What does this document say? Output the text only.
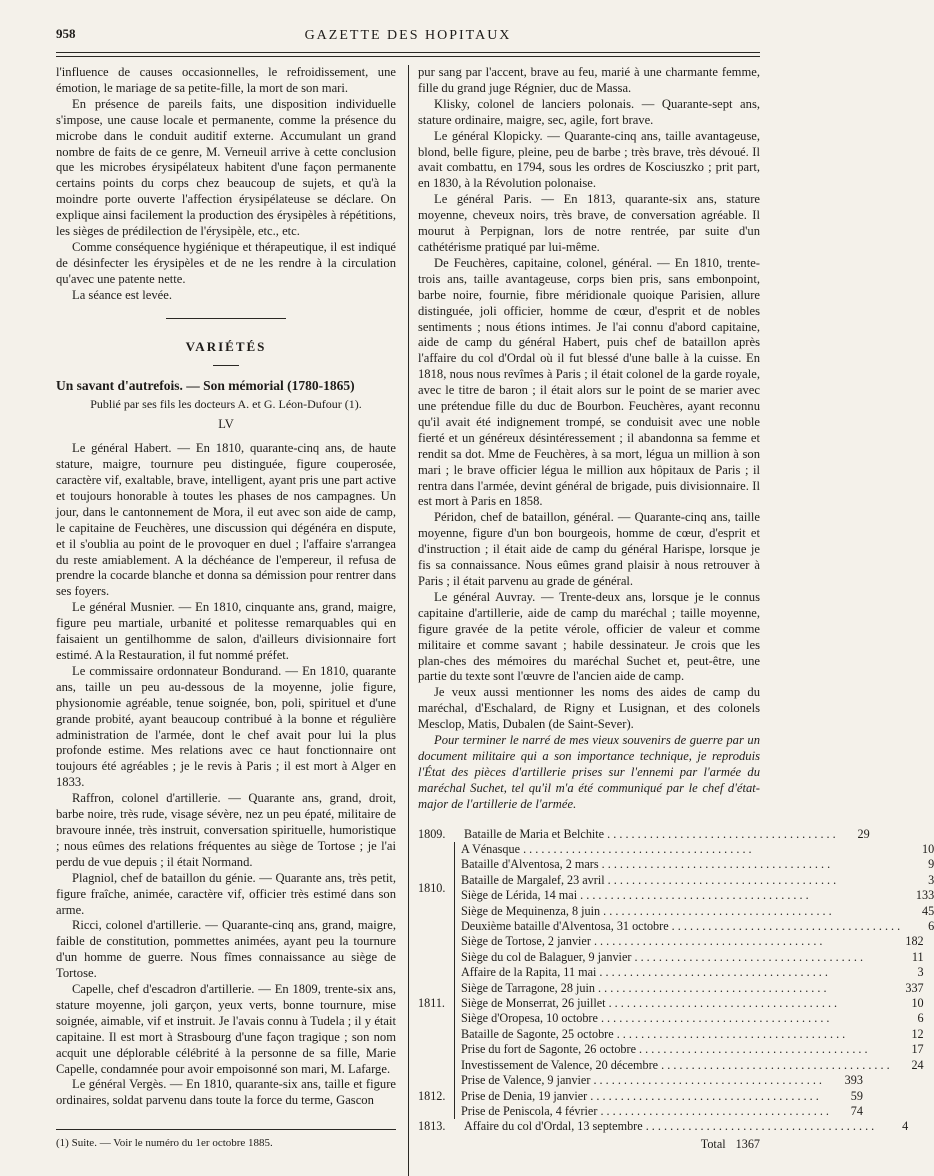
958	GAZETTE DES HOPITAUX

l'influence de causes occasionnelles, le refroidissement, une émotion, le mariage de sa petite-fille, la mort de son mari.

En présence de pareils faits, une disposition individuelle s'impose, une cause locale et permanente, comme la présence du microbe dans le conduit auditif externe. Accumulant un grand nombre de faits de ce genre, M. Verneuil arrive à cette conclusion que les microbes érysipélateux habitent d'une façon permanente certains points du corps chez beaucoup de sujets, et qu'à la moindre porte ouverte l'affection érysipélateuse se déclare. On explique ainsi facilement la production des érysipèles à répétitions, les sièges de prédilection de l'érysipèle, etc., etc.

Comme conséquence hygiénique et thérapeutique, il est indiqué de désinfecter les érysipèles et de ne les rendre à la circulation qu'avec une patente nette.

La séance est levée.

VARIÉTÉS
Un savant d'autrefois. — Son mémorial (1780-1865)
Publié par ses fils les docteurs A. et G. Léon-Dufour (1).
LV

Le général Habert. — En 1810, quarante-cinq ans, de haute stature, maigre, tournure peu distinguée, figure couperosée, caractère vif, exaltable, brave, intelligent, ayant pris une part active et toujours honorable à toutes les phases de nos campagnes. Un jour, dans le cantonnement de Mora, il eut avec son aide de camp, le capitaine de Feuchères, une discussion qui dégénéra en dispute, et il s'oublia au point de le provoquer en duel ; l'affaire s'arrangea du reste amiablement. A la déchéance de l'empereur, il refusa de prendre la cocarde blanche et donna sa démission pour rentrer dans ses foyers.

Le général Musnier. — En 1810, cinquante ans, grand, maigre, figure peu martiale, urbanité et politesse remarquables qui en faisaient un gentilhomme de salon, d'ailleurs divisionnaire fort estimé. A la Restauration, il fut nommé préfet.

Le commissaire ordonnateur Bondurand. — En 1810, quarante ans, taille un peu au-dessous de la moyenne, jolie figure, physionomie agréable, tenue soignée, bon, poli, spirituel et d'une grande probité, ayant beaucoup contribué à la bonne et régulière administration de l'armée, dont le chef avait pour lui la plus profonde estime. Mes relations avec ce haut fonctionnaire ont toujours été agréables ; je le revis à Paris ; il est mort à Alger en 1833.

Raffron, colonel d'artillerie. — Quarante ans, grand, droit, barbe noire, très rude, visage sévère, nez un peu épaté, militaire de bravoure innée, très instruit, conversation spirituelle, humoristique ; nous eûmes des relations fréquentes au siège de Tortose ; je l'ai perdu de vue depuis ; il était Normand.

Plagniol, chef de bataillon du génie. — Quarante ans, très petit, figure fraîche, animée, caractère vif, officier très estimé dans son arme.

Ricci, colonel d'artillerie. — Quarante-cinq ans, grand, maigre, faible de constitution, pommettes animées, ayant peu la tournure d'un homme de guerre. Nous fîmes connaissance au siège de Tortose.

Capelle, chef d'escadron d'artillerie. — En 1809, trente-six ans, stature moyenne, joli garçon, yeux verts, bonne tournure, mise soignée, aimable, vif et instruit. Je l'avais connu à Tudela ; il y était capitaine. Il est mort à Strasbourg d'une façon tragique ; son nom acquit une déplorable célébrité à la personne de sa fille, Marie Capelle, condamnée pour avoir empoisonné son mari, M. Lafarge.

Le général Vergès. — En 1810, quarante-six ans, taille et figure ordinaires, soldat parvenu dans toute la force du terme, Gascon

(1) Suite. — Voir le numéro du 1er octobre 1885.

pur sang par l'accent, brave au feu, marié à une charmante femme, fille du grand juge Régnier, duc de Massa.

Klisky, colonel de lanciers polonais. — Quarante-sept ans, stature ordinaire, maigre, sec, agile, fort brave.

Le général Klopicky. — Quarante-cinq ans, taille avantageuse, blond, belle figure, pleine, peu de barbe ; très brave, très dévoué. Il avait combattu, en 1794, sous les ordres de Kosciuszko ; prit part, en 1830, à la Révolution polonaise.

Le général Paris. — En 1813, quarante-six ans, stature moyenne, cheveux noirs, très brave, de conversation agréable. Il mourut à Perpignan, lors de notre rentrée, par suite d'un cathétérisme pratiqué par lui-même.

De Feuchères, capitaine, colonel, général. — En 1810, trente-trois ans, taille avantageuse, corps bien pris, sans embonpoint, barbe noire, fournie, fibre méridionale quoique Parisien, allure distinguée, joli officier, homme de cœur, d'esprit et de nobles sentiments ; nous étions intimes. Je l'ai connu d'abord capitaine, aide de camp du général Habert, puis chef de bataillon après l'affaire du col d'Ordal où il fut blessé d'une balle à la cuisse. En 1818, nous nous revîmes à Paris ; il était colonel de la garde royale, avec le titre de baron ; il était alors sur le point de se marier avec une prétendue fille du duc de Bourbon. Feuchères, ayant reconnu qu'il avait été indignement trompé, se conduisit avec une noble fierté et un généreux désintéressement ; il abandonna sa femme et rendit sa dot. Mme de Feuchères, à sa mort, légua un million à son mari ; le brave officier légua le million aux hôpitaux de Paris ; il rentra dans l'armée, devint général de brigade, puis divisionnaire. Il est mort à Paris en 1858.

Péridon, chef de bataillon, général. — Quarante-cinq ans, taille moyenne, figure d'un bon bourgeois, homme de cœur, d'esprit et d'instruction ; il était aide de camp du général Harispe, lorsque je fis sa connaissance. Nous eûmes grand plaisir à nous retrouver à Paris ; il était parvenu au grade de général.

Le général Auvray. — Trente-deux ans, lorsque je le connus capitaine d'artillerie, aide de camp du maréchal ; taille moyenne, figure gravée de la petite vérole, officier de valeur et comme militaire et comme savant ; habile dessinateur. Je crois que les plan-ches des mémoires du maréchal Suchet et, peut-être, une partie du texte sont l'œuvre de l'ancien aide de camp.

Je veux aussi mentionner les noms des aides de camp du maréchal, d'Eschalard, de Rigny et Lusignan, et des colonels Mesclop, Matis, Dubalen (de Saint-Sever).

Pour terminer le narré de mes vieux souvenirs de guerre par un document militaire qui a son importance technique, je reproduis l'État des pièces d'artillerie prises sur l'ennemi par l'armée du maréchal Suchet, tel qu'il m'a été communiqué par le chef d'état-major de l'artillerie de l'armée.

1809.	Bataille de Maria et Belchite . . .	29
1810.
A Vénasque . . .	10
Bataille d'Alventosa, 2 mars . . .	9
Bataille de Margalef, 23 avril . . .	3
Siège de Lérida, 14 mai . . .	133
Siège de Mequinenza, 8 juin . . .	45
Deuxième bataille d'Alventosa, 31 octobre . . .	6
1811.
Siège de Tortose, 2 janvier . . .	182
Siège du col de Balaguer, 9 janvier . . .	11
Affaire de la Rapita, 11 mai . . .	3
Siège de Tarragone, 28 juin . . .	337
Siège de Monserrat, 26 juillet . . .	10
Siège d'Oropesa, 10 octobre . . .	6
Bataille de Sagonte, 25 octobre . . .	12
Prise du fort de Sagonte, 26 octobre . . .	17
Investissement de Valence, 20 décembre . . .	24
1812.
Prise de Valence, 9 janvier . . .	393
Prise de Denia, 19 janvier . . .	59
Prise de Peniscola, 4 février . . .	74
1813.	Affaire du col d'Ordal, 13 septembre . . .	4
Total 1367
